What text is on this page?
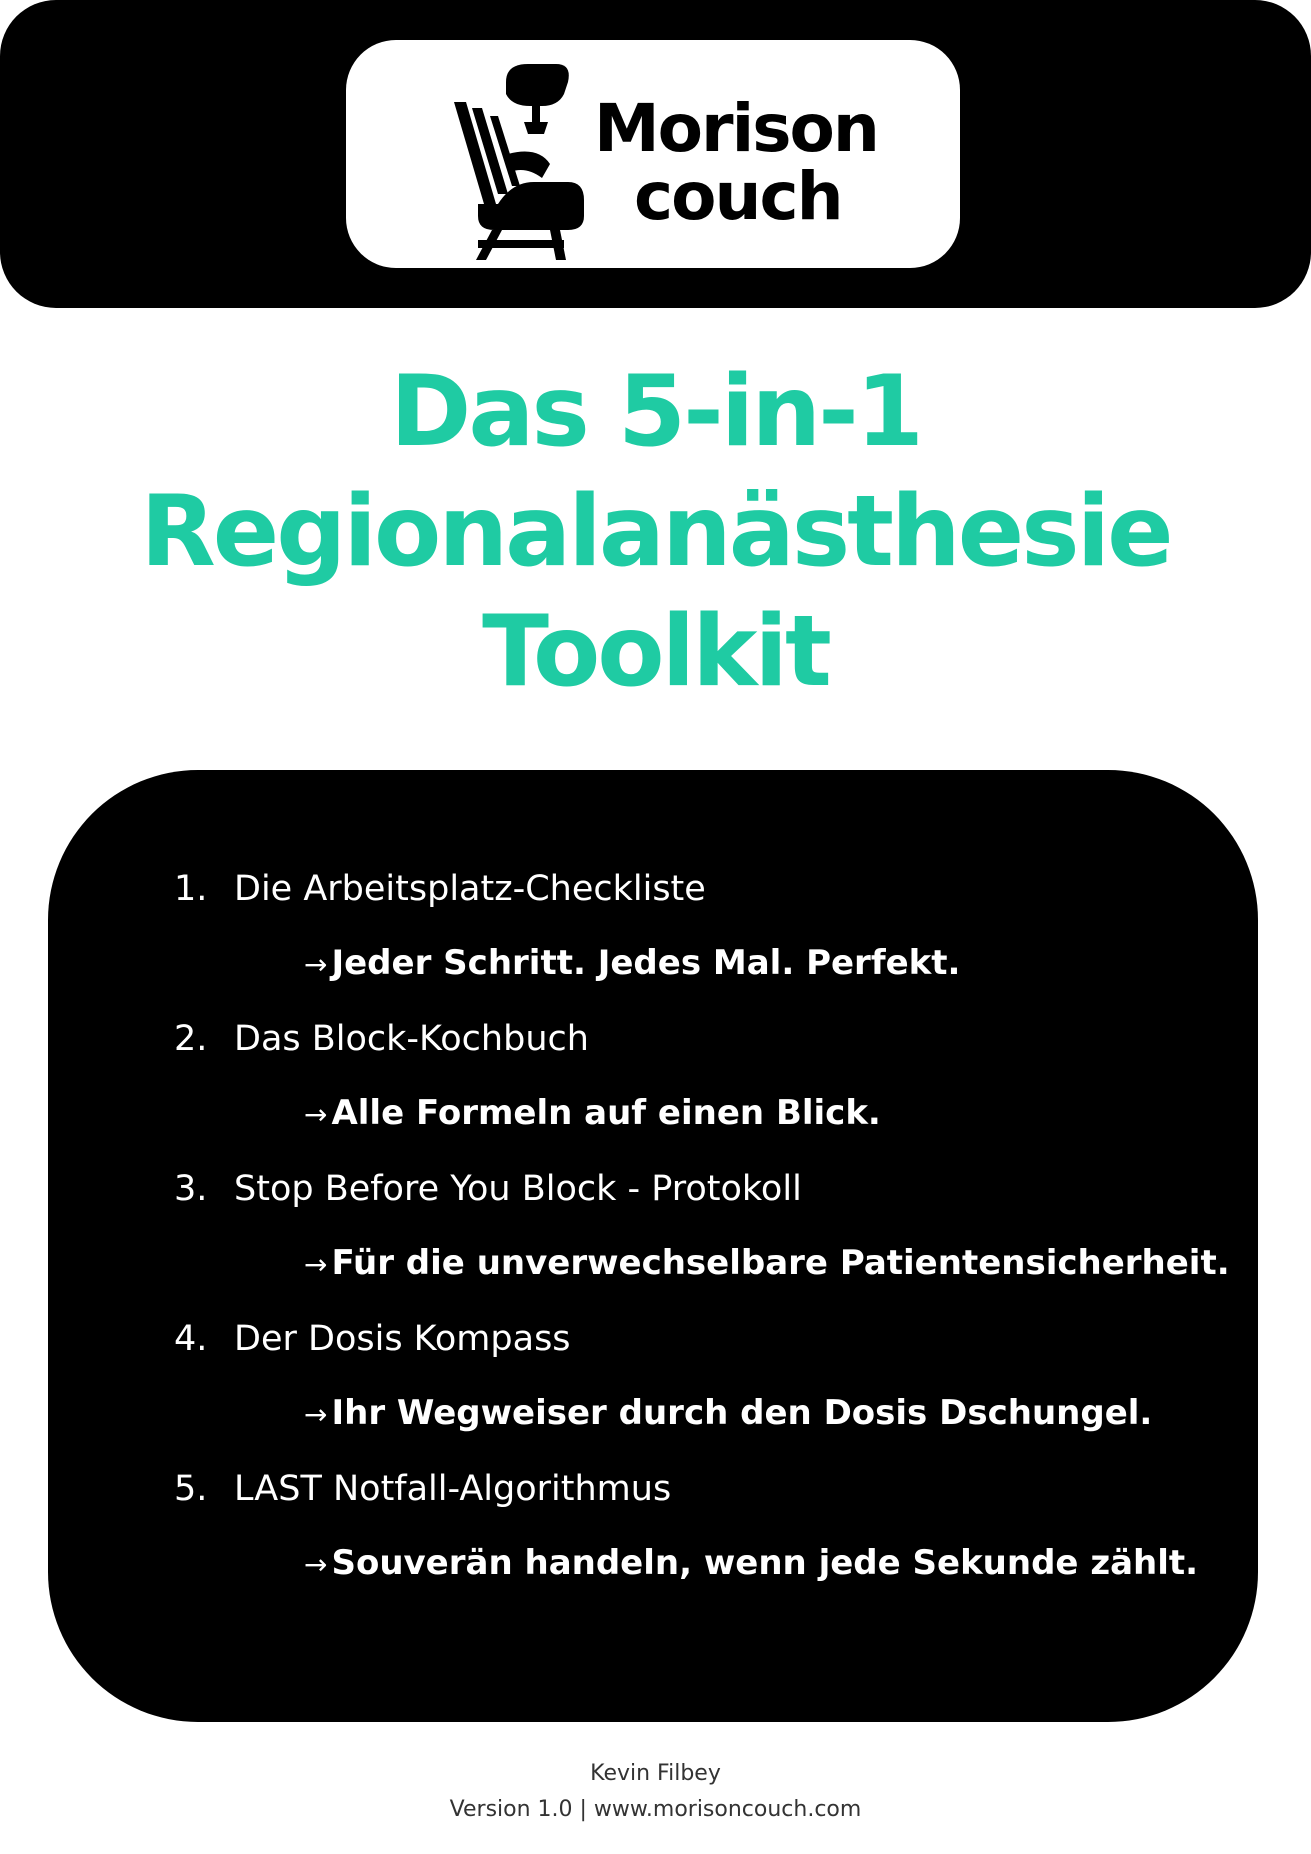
Morison
couch
Das 5-in-1
Regionalanästhesie
Toolkit
1. Die Arbeitsplatz-Checkliste
→ Jeder Schritt. Jedes Mal. Perfekt.
2. Das Block-Kochbuch
→ Alle Formeln auf einen Blick.
3. Stop Before You Block - Protokoll
→ Für die unverwechselbare Patientensicherheit.
4. Der Dosis Kompass
→ Ihr Wegweiser durch den Dosis Dschungel.
5. LAST Notfall-Algorithmus
→ Souverän handeln, wenn jede Sekunde zählt.
Kevin Filbey
Version 1.0 | www.morisoncouch.com
